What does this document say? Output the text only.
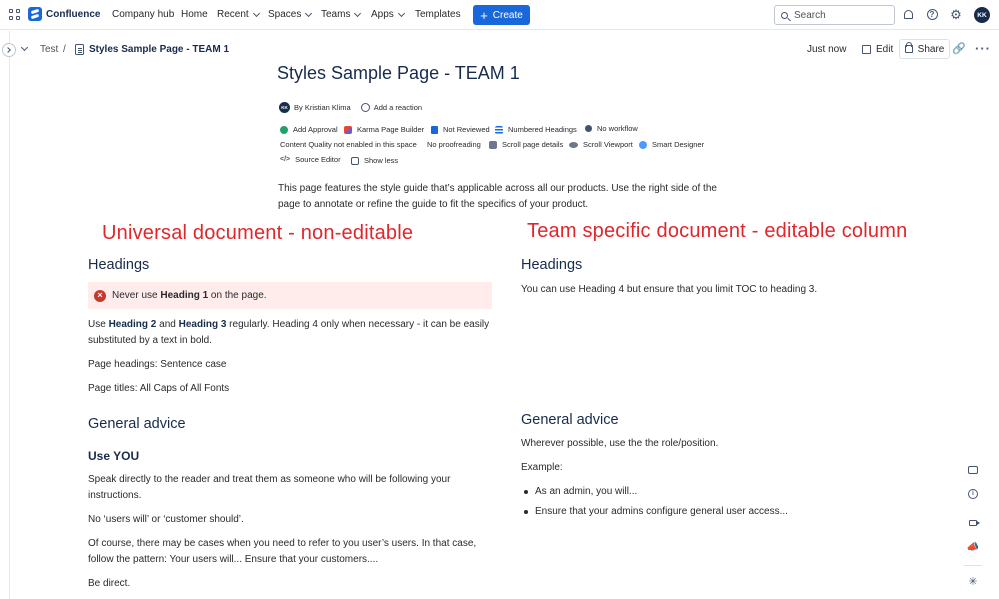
Confluence Company hub Home Recent Spaces Teams Apps Templates + Create
Search	? ⚙	KK
Test / Styles Sample Page - TEAM 1	Just now	Edit Share 🔗 ···
Styles Sample Page - TEAM 1
KK By Kristian Klima	Add a reaction
Add Approval	Karma Page Builder	Not Reviewed Numbered Headings	No workflow
Content Quality not enabled in this space No proofreading	Scroll page details	Scroll Viewport	Smart Designer
</> Source Editor	Show less

This page features the style guide that’s applicable across all our products. Use the right side of the page to annotate or refine the guide to fit the specifics of your product.

Universal document - non-editable	Team specific document - editable column
Headings
× Never use Heading 1 on the page.

Use Heading 2 and Heading 3 regularly. Heading 4 only when necessary - it can be easily substituted by a text in bold.

Page headings: Sentence case

Page titles: All Caps of All Fonts

General advice
Use YOU

Speak directly to the reader and treat them as someone who will be following your instructions.

No ‘users will’ or ‘customer should’.

Of course, there may be cases when you need to refer to you user’s users. In that case, follow the pattern: Your users will... Ensure that your customers....

Be direct.

Headings

You can use Heading 4 but ensure that you limit TOC to heading 3.

General advice

Wherever possible, use the the role/position.

Example:

As an admin, you will...
Ensure that your admins configure general user access...
i
📣
✳
